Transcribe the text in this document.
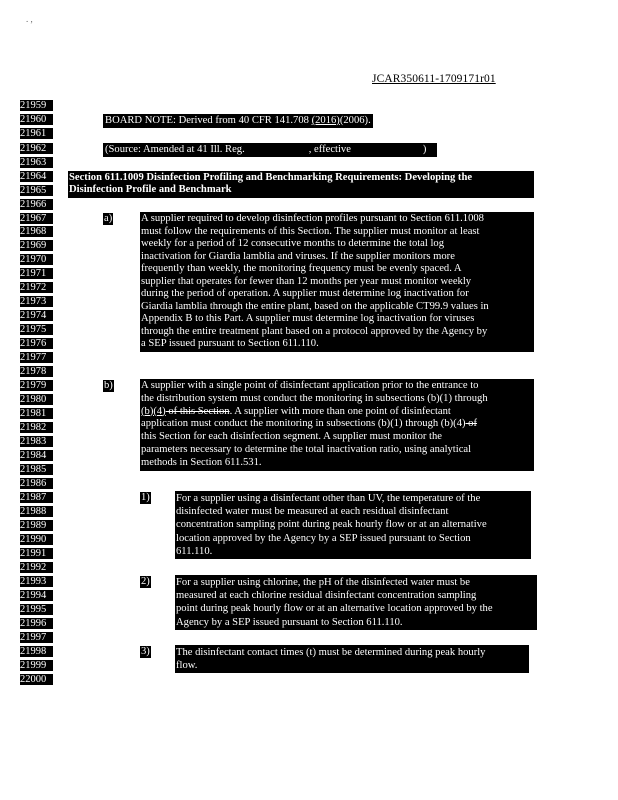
. ,
JCAR350611-1709171r01
21959
21960
21961
21962
21963
21964
21965
21966
21967
21968
21969
21970
21971
21972
21973
21974
21975
21976
21977
21978
21979
21980
21981
21982
21983
21984
21985
21986
21987
21988
21989
21990
21991
21992
21993
21994
21995
21996
21997
21998
21999
22000

BOARD NOTE: Derived from 40 CFR 141.708 (2016)(2006).

(Source: Amended at 41 Ill. Reg.	, effective	)

Section 611.1009 Disinfection Profiling and Benchmarking Requirements: Developing the

Disinfection Profile and Benchmark

a)	A supplier required to develop disinfection profiles pursuant to Section 611.1008

must follow the requirements of this Section. The supplier must monitor at least

weekly for a period of 12 consecutive months to determine the total log

inactivation for Giardia lamblia and viruses. If the supplier monitors more

frequently than weekly, the monitoring frequency must be evenly spaced. A

supplier that operates for fewer than 12 months per year must monitor weekly

during the period of operation. A supplier must determine log inactivation for

Giardia lamblia through the entire plant, based on the applicable CT99.9 values in

Appendix B to this Part. A supplier must determine log inactivation for viruses

through the entire treatment plant based on a protocol approved by the Agency by

a SEP issued pursuant to Section 611.110.

b)	A supplier with a single point of disinfectant application prior to the entrance to

the distribution system must conduct the monitoring in subsections (b)(1) through

(b)(4) of this Section. A supplier with more than one point of disinfectant

application must conduct the monitoring in subsections (b)(1) through (b)(4) of

this Section for each disinfection segment. A supplier must monitor the

parameters necessary to determine the total inactivation ratio, using analytical

methods in Section 611.531.

1) For a supplier using a disinfectant other than UV, the temperature of the

disinfected water must be measured at each residual disinfectant

concentration sampling point during peak hourly flow or at an alternative

location approved by the Agency by a SEP issued pursuant to Section

611.110.

2) For a supplier using chlorine, the pH of the disinfected water must be

measured at each chlorine residual disinfectant concentration sampling

point during peak hourly flow or at an alternative location approved by the

Agency by a SEP issued pursuant to Section 611.110.

3) The disinfectant contact times (t) must be determined during peak hourly

flow.
